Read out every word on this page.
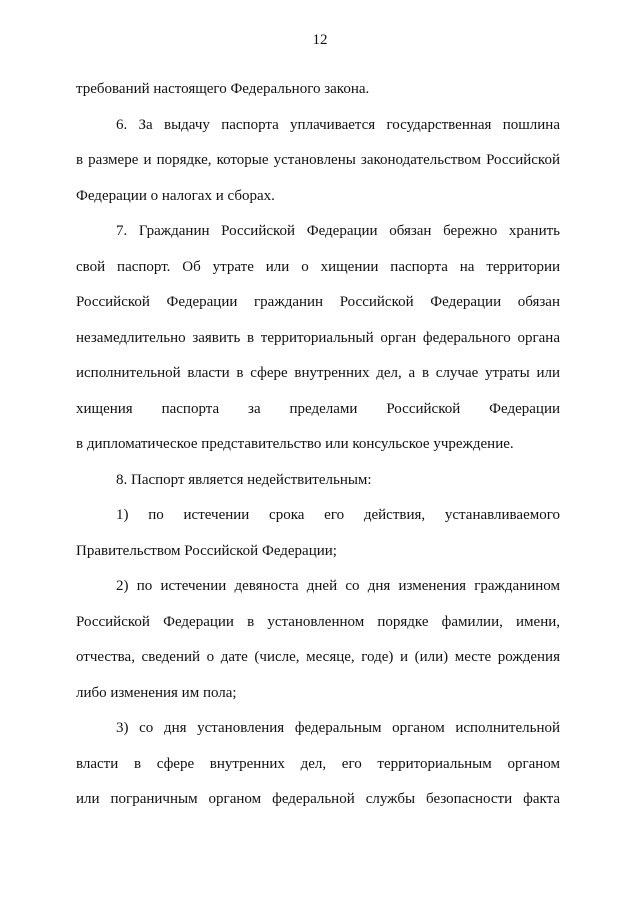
12
требований настоящего Федерального закона.
6. За выдачу паспорта уплачивается государственная пошлина
в размере и порядке, которые установлены законодательством Российской
Федерации о налогах и сборах.
7. Гражданин Российской Федерации обязан бережно хранить
свой паспорт. Об утрате или о хищении паспорта на территории
Российской Федерации гражданин Российской Федерации обязан
незамедлительно заявить в территориальный орган федерального органа
исполнительной власти в сфере внутренних дел, а в случае утраты или
хищения паспорта за пределами Российской Федерации
в дипломатическое представительство или консульское учреждение.
8. Паспорт является недействительным:
1) по истечении срока его действия, устанавливаемого
Правительством Российской Федерации;
2) по истечении девяноста дней со дня изменения гражданином
Российской Федерации в установленном порядке фамилии, имени,
отчества, сведений о дате (числе, месяце, годе) и (или) месте рождения
либо изменения им пола;
3) со дня установления федеральным органом исполнительной
власти в сфере внутренних дел, его территориальным органом
или пограничным органом федеральной службы безопасности факта
